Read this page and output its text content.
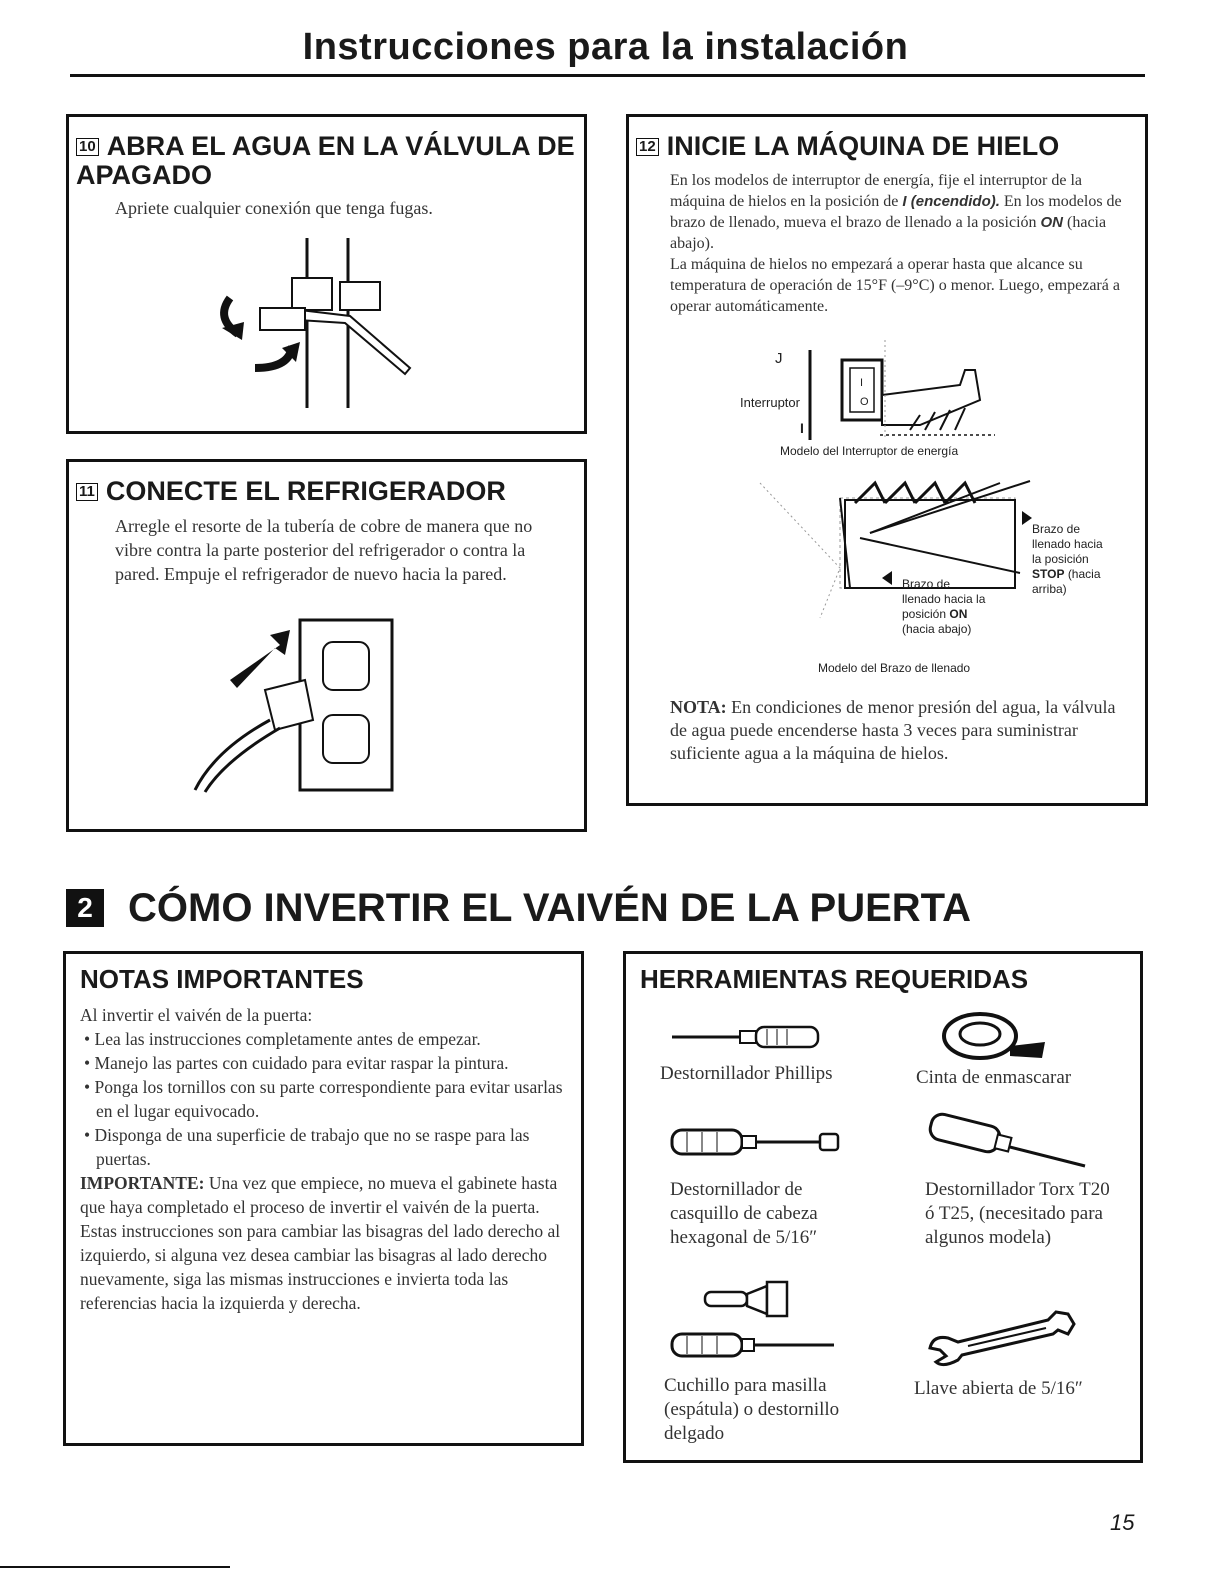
Instrucciones para la instalación
10 ABRA EL AGUA EN LA VÁLVULA DE APAGADO
Apriete cualquier conexión que tenga fugas.
11 CONECTE EL REFRIGERADOR
Arregle el resorte de la tubería de cobre de manera que no vibre contra la parte posterior del refrigerador o contra la pared. Empuje el refrigerador de nuevo hacia la pared.
12 INICIE LA MÁQUINA DE HIELO
En los modelos de interruptor de energía, fije el interruptor de la máquina de hielos en la posición de I (encendido). En los modelos de brazo de llenado, mueva el brazo de llenado a la posición ON (hacia abajo).
La máquina de hielos no empezará a operar hasta que alcance su temperatura de operación de 15°F (–9°C) o menor. Luego, empezará a operar automáticamente.
J
Interruptor
I
O
I
Modelo del Interruptor de energía
Brazo de
llenado hacia
la posición
STOP (hacia
arriba)
Brazo de
llenado hacia la
posición ON
(hacia abajo)
Modelo del Brazo de llenado
NOTA: En condiciones de menor presión del agua, la válvula de agua puede encenderse hasta 3 veces para suministrar suficiente agua a la máquina de hielos.
2 CÓMO INVERTIR EL VAIVÉN DE LA PUERTA
NOTAS IMPORTANTES
Al invertir el vaivén de la puerta:
• Lea las instrucciones completamente antes de empezar.
• Manejo las partes con cuidado para evitar raspar la pintura.
• Ponga los tornillos con su parte correspondiente para evitar usarlas en el lugar equivocado.
• Disponga de una superficie de trabajo que no se raspe para las puertas.
IMPORTANTE: Una vez que empiece, no mueva el gabinete hasta que haya completado el proceso de invertir el vaivén de la puerta.
Estas instrucciones son para cambiar las bisagras del lado derecho al izquierdo, si alguna vez desea cambiar las bisagras al lado derecho nuevamente, siga las mismas instrucciones e invierta toda las referencias hacia la izquierda y derecha.
HERRAMIENTAS REQUERIDAS
Destornillador Phillips	Cinta de enmascarar
Destornillador de casquillo de cabeza hexagonal de 5/16″
Destornillador Torx T20 ó T25, (necesitado para algunos modela)
Cuchillo para masilla (espátula) o destornillo delgado
Llave abierta de 5/16″
15
